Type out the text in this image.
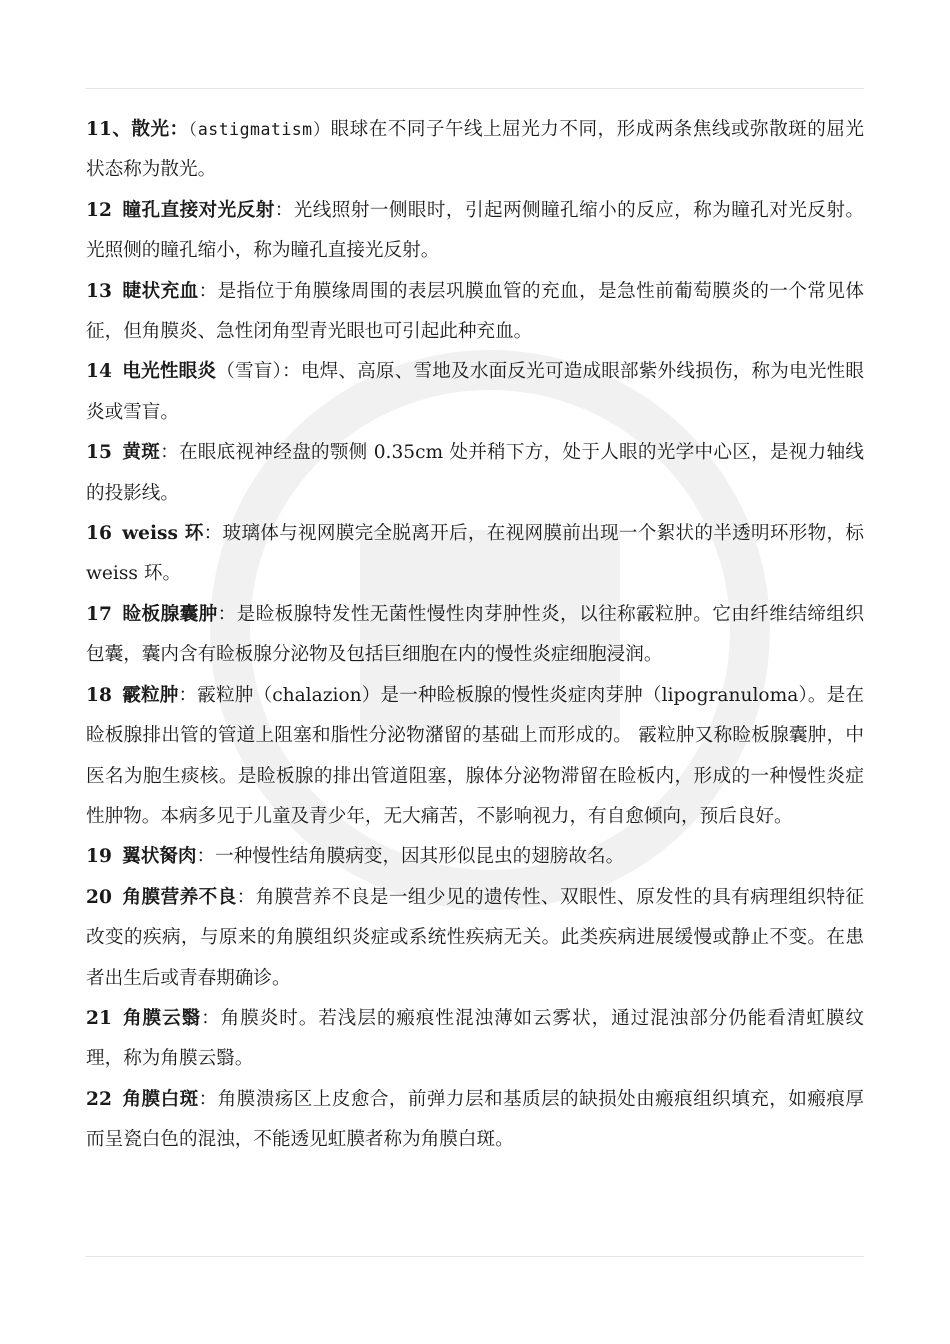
11、散光：（astigmatism）眼球在不同子午线上屈光力不同，形成两条焦线或弥散斑的屈光状态称为散光。

12 瞳孔直接对光反射：光线照射一侧眼时，引起两侧瞳孔缩小的反应，称为瞳孔对光反射。光照侧的瞳孔缩小，称为瞳孔直接光反射。

13 睫状充血：是指位于角膜缘周围的表层巩膜血管的充血，是急性前葡萄膜炎的一个常见体征，但角膜炎、急性闭角型青光眼也可引起此种充血。

14 电光性眼炎（雪盲）：电焊、高原、雪地及水面反光可造成眼部紫外线损伤，称为电光性眼炎或雪盲。

15 黄斑：在眼底视神经盘的颚侧 0.35cm 处并稍下方，处于人眼的光学中心区，是视力轴线的投影线。

16 weiss 环：玻璃体与视网膜完全脱离开后，在视网膜前出现一个絮状的半透明环形物，标 weiss 环。

17 睑板腺囊肿：是睑板腺特发性无菌性慢性肉芽肿性炎，以往称霰粒肿。它由纤维结缔组织包囊，囊内含有睑板腺分泌物及包括巨细胞在内的慢性炎症细胞浸润。

18 霰粒肿：霰粒肿（chalazion）是一种睑板腺的慢性炎症肉芽肿（lipogranuloma）。是在睑板腺排出管的管道上阻塞和脂性分泌物潴留的基础上而形成的。 霰粒肿又称睑板腺囊肿，中医名为胞生痰核。是睑板腺的排出管道阻塞，腺体分泌物滞留在睑板内，形成的一种慢性炎症性肿物。本病多见于儿童及青少年，无大痛苦，不影响视力，有自愈倾向，预后良好。

19 翼状胬肉：一种慢性结角膜病变，因其形似昆虫的翅膀故名。

20 角膜营养不良：角膜营养不良是一组少见的遗传性、双眼性、原发性的具有病理组织特征改变的疾病，与原来的角膜组织炎症或系统性疾病无关。此类疾病进展缓慢或静止不变。在患者出生后或青春期确诊。

21 角膜云翳：角膜炎时。若浅层的瘢痕性混浊薄如云雾状，通过混浊部分仍能看清虹膜纹理，称为角膜云翳。

22 角膜白斑：角膜溃疡区上皮愈合，前弹力层和基质层的缺损处由瘢痕组织填充，如瘢痕厚而呈瓷白色的混浊，不能透见虹膜者称为角膜白斑。
